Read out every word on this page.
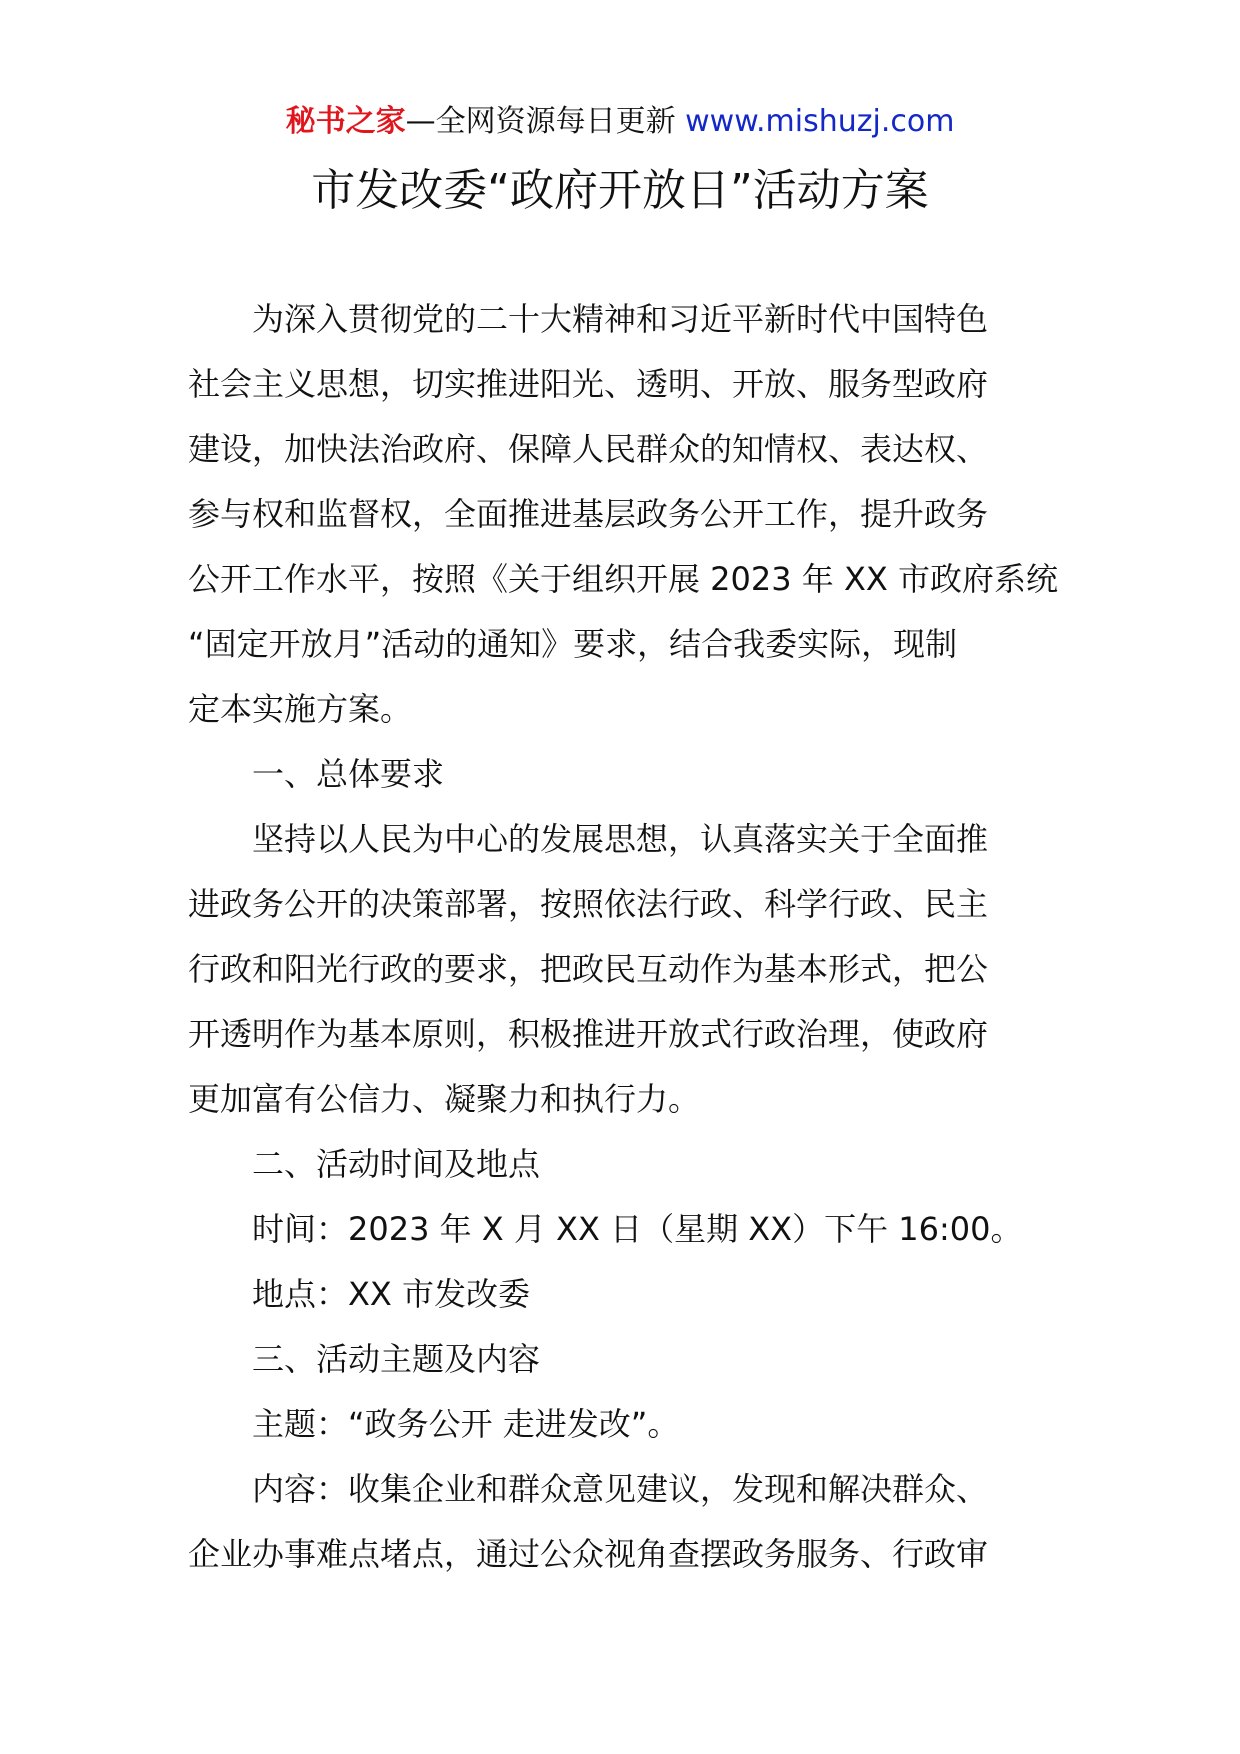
秘书之家—全网资源每日更新 www.mishuzj.com
市发改委“政府开放日”活动方案

为深入贯彻党的二十大精神和习近平新时代中国特色
社会主义思想，切实推进阳光、透明、开放、服务型政府
建设，加快法治政府、保障人民群众的知情权、表达权、
参与权和监督权，全面推进基层政务公开工作，提升政务
公开工作水平，按照《关于组织开展 2023 年 XX 市政府系统
“固定开放月”活动的通知》要求，结合我委实际，现制
定本实施方案。

一、总体要求

坚持以人民为中心的发展思想，认真落实关于全面推
进政务公开的决策部署，按照依法行政、科学行政、民主
行政和阳光行政的要求，把政民互动作为基本形式，把公
开透明作为基本原则，积极推进开放式行政治理，使政府
更加富有公信力、凝聚力和执行力。

二、活动时间及地点

时间：2023 年 X 月 XX 日（星期 XX）下午 16:00。

地点：XX 市发改委

三、活动主题及内容

主题：“政务公开 走进发改”。

内容：收集企业和群众意见建议，发现和解决群众、
企业办事难点堵点，通过公众视角查摆政务服务、行政审
